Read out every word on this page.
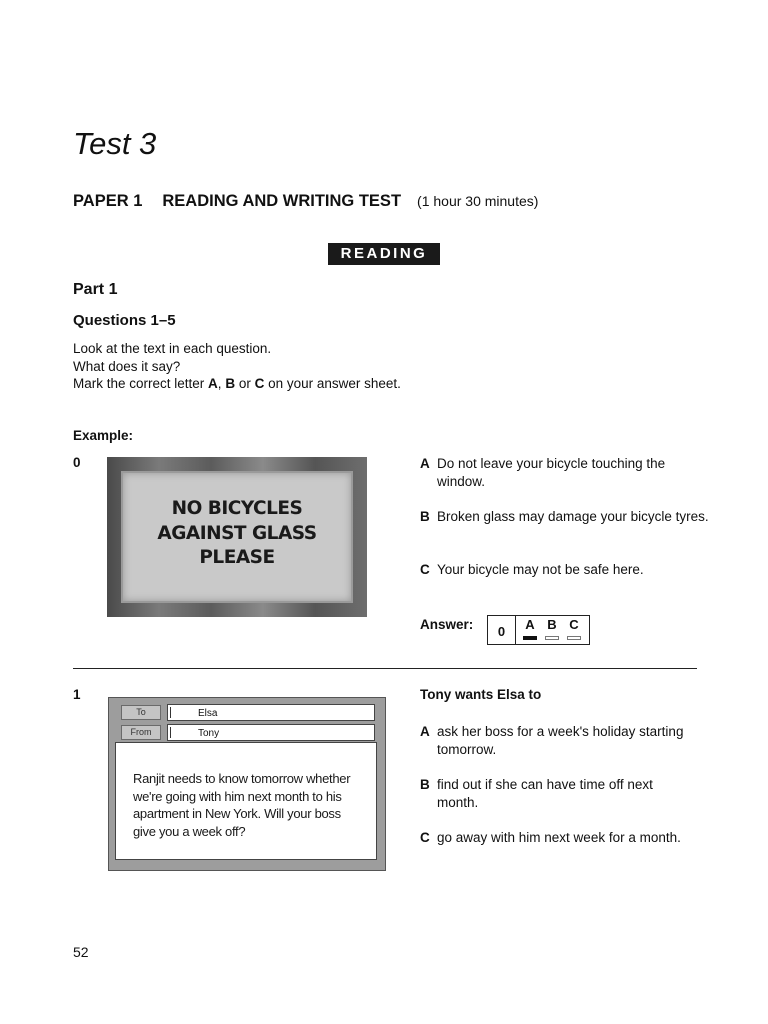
Test 3
PAPER 1 READING AND WRITING TEST (1 hour 30 minutes)
READING
Part 1
Questions 1–5
Look at the text in each question.
What does it say?
Mark the correct letter A, B or C on your answer sheet.
Example:
0
NO BICYCLES
AGAINST GLASS
PLEASE
A Do not leave your bicycle touching the window.
B Broken glass may damage your bicycle tyres.
C Your bicycle may not be safe here.
Answer:	0	A B C
1
To	Elsa
From	Tony
Ranjit needs to know tomorrow whether
we're going with him next month to his
apartment in New York. Will your boss
give you a week off?
Tony wants Elsa to
A ask her boss for a week's holiday starting tomorrow.
B find out if she can have time off next month.
C go away with him next week for a month.
52
